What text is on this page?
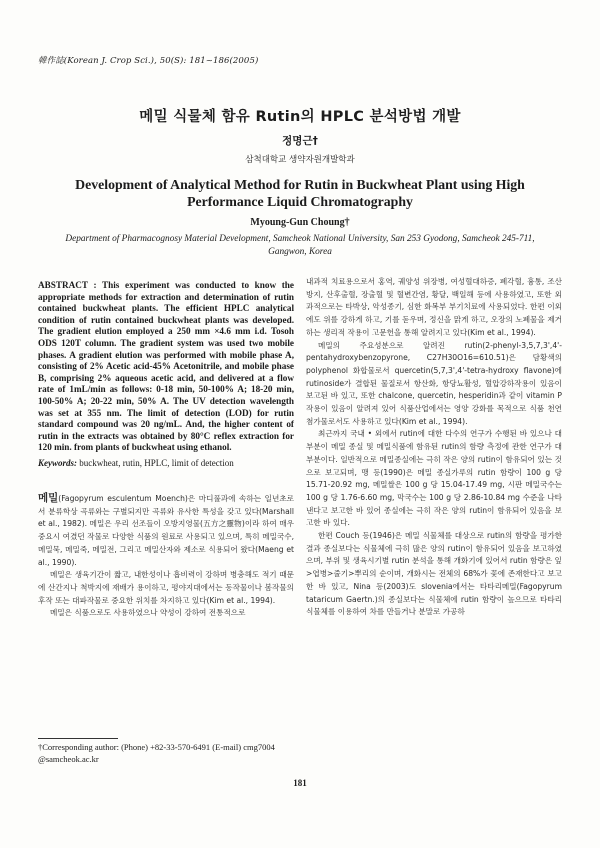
韓作誌(Korean J. Crop Sci.), 50(S): 181~186(2005)
메밀 식물체 함유 Rutin의 HPLC 분석방법 개발
정명근†
삼척대학교 생약자원개발학과
Development of Analytical Method for Rutin in Buckwheat Plant using High Performance Liquid Chromatography
Myoung-Gun Choung†
Department of Pharmacognosy Material Development, Samcheok National University, San 253 Gyodong, Samcheok 245-711, Gangwon, Korea
ABSTRACT : This experiment was conducted to know the appropriate methods for extraction and determination of rutin contained buckwheat plants. The efficient HPLC analytical condition of rutin contained buckwheat plants was developed. The gradient elution employed a 250 mm ×4.6 mm i.d. Tosoh ODS 120T column. The gradient system was used two mobile phases. A gradient elution was performed with mobile phase A, consisting of 2% Acetic acid-45% Acetonitrile, and mobile phase B, comprising 2% aqueous acetic acid, and delivered at a flow rate of 1mL/min as follows: 0-18 min, 50-100% A; 18-20 min, 100-50% A; 20-22 min, 50% A. The UV detection wavelength was set at 355 nm. The limit of detection (LOD) for rutin standard compound was 20 ng/mL. And, the higher content of rutin in the extracts was obtained by 80°C reflex extraction for 120 min. from plants of buckwheat using ethanol.
Keywords: buckwheat, rutin, HPLC, limit of detection

메밀(Fagopyrum esculentum Moench)은 마디풀과에 속하는 일년초로서 분류학상 곡류와는 구별되지만 곡류와 유사한 특성을 갖고 있다(Marshall et al., 1982). 메밀은 우리 선조들이 오방지영물(五方之靈物)이라 하여 매우 중요시 여겼던 작물로 다양한 식품의 원료로 사용되고 있으며, 특히 메밀국수, 메밀묵, 메밀죽, 메밀전, 그리고 메밀산자와 제소로 식용되어 왔다(Maeng et al., 1990).

메밀은 생육기간이 짧고, 내한성이나 흡비력이 강하며 병충해도 적기 때문에 산간지나 척박지에 재배가 용이하고, 평야지대에서는 동작물이나 봄작물의 후작 또는 대파작물로 중요한 위치를 차지하고 있다(Kim et al., 1994).

메밀은 식품으로도 사용하였으나 약성이 강하여 전통적으로

내과적 치료용으로서 홍역, 궤양성 위장병, 여성혈대하증, 폐각혈, 흉통, 조산방지, 산후출혈, 장출혈 및 혈변간염, 황달, 백일해 등에 사용하였고, 또한 외과적으로는 타박상, 악성종기, 심한 화복부 부기치료에 사용되었다. 한편 이외에도 위를 강하게 하고, 기를 돋우며, 정신을 맑게 하고, 오장의 노폐물을 제거하는 생리적 작용이 고문헌을 통해 알려지고 있다(Kim et al., 1994).

메밀의 주요성분으로 알려진 rutin(2-phenyl-3,5,7,3',4'-pentahydroxybenzopyrone, C27H30O16=610.51)은 담황색의 polyphenol 화합물로서 quercetin(5,7,3',4'-tetra-hydroxy flavone)에 rutinoside가 결합된 물질로서 항산화, 항당뇨활성, 혈압강하작용이 있음이 보고된 바 있고, 또한 chalcone, quercetin, hesperidin과 같이 vitamin P 작용이 있음이 알려져 있어 식품산업에서는 영양 강화를 목적으로 식품 천연첨가물로서도 사용하고 있다(Kim et al., 1994).

최근까지 국내 • 외에서 rutin에 대한 다수의 연구가 수행된 바 있으나 대부분이 메밀 종실 및 메밀식품에 함유된 rutin의 함량 측정에 관한 연구가 대부분이다. 일반적으로 메밀종실에는 극히 작은 양의 rutin이 함유되어 있는 것으로 보고되며, 맹 등(1990)은 메밀 종실가루의 rutin 함량이 100 g 당 15.71-20.92 mg, 메밀쌀은 100 g 당 15.04-17.49 mg, 시판 메밀국수는 100 g 당 1.76-6.60 mg, 막국수는 100 g 당 2.86-10.84 mg 수준을 나타낸다고 보고한 바 있어 종실에는 극히 작은 양의 rutin이 함유되어 있음을 보고한 바 있다.

한편 Couch 등(1946)은 메밀 식물체를 대상으로 rutin의 함량을 평가한 결과 종실보다는 식물체에 극히 많은 양의 rutin이 함유되어 있음을 보고하였으며, 부위 및 생육시기별 rutin 분석을 통해 개화기에 있어서 rutin 함량은 잎>엽병>줄기>뿌리의 순이며, 개화시는 전체의 68%가 꽃에 존재한다고 보고한 바 있고, Nina 등(2003)도 slovenia에서는 타타리메밀(Fagopyrum tataricum Gaertn.)의 종실보다는 식물체에 rutin 함량이 높으므로 타타리 식물체를 이용하여 차를 만들거나 분말로 가공하

†Corresponding author: (Phone) +82-33-570-6491 (E-mail) cmg7004 @samcheok.ac.kr
181
